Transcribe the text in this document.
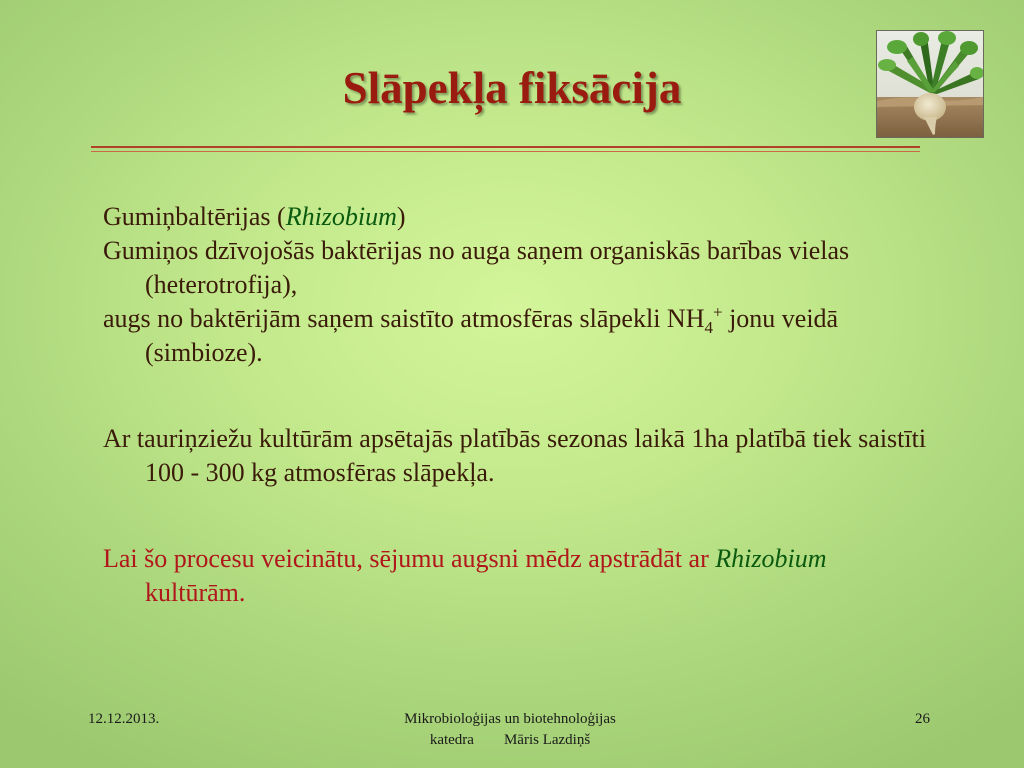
Slāpekļa fiksācija

Gumiņbaltērijas (Rhizobium)

Gumiņos dzīvojošās baktērijas no auga saņem organiskās barības vielas (heterotrofija),

augs no baktērijām saņem saistīto atmosfēras slāpekli $NH_4^+$ jonu veidā (simbioze).

Ar tauriņziežu kultūrām apsētajās platībās sezonas laikā 1ha platībā tiek saistīti 100 - 300 kg atmosfēras slāpekļa.

Lai šo procesu veicinātu, sējumu augsni mēdz apstrādāt ar Rhizobium kultūrām.

12.12.2013.	Mikrobioloģijas un biotehnoloģijas
katedra        Māris Lazdiņš
26
